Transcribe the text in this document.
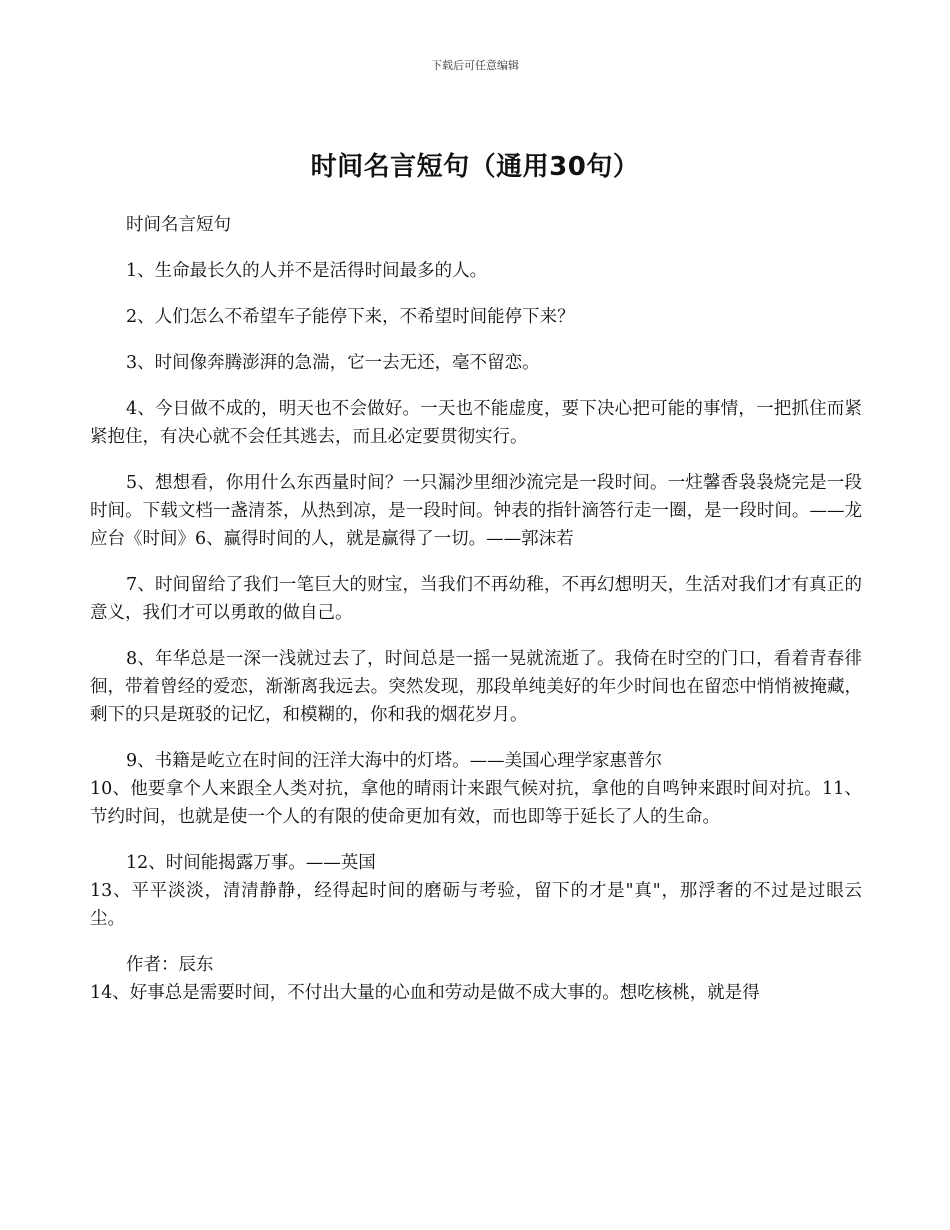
下载后可任意编辑
时间名言短句（通用30句）

时间名言短句

1、生命最长久的人并不是活得时间最多的人。

2、人们怎么不希望车子能停下来，不希望时间能停下来？

3、时间像奔腾澎湃的急湍，它一去无还，毫不留恋。

4、今日做不成的，明天也不会做好。一天也不能虚度，要下决心把可能的事情，一把抓住而紧紧抱住，有决心就不会任其逃去，而且必定要贯彻实行。

5、想想看，你用什么东西量时间？一只漏沙里细沙流完是一段时间。一炷馨香袅袅烧完是一段时间。下载文档一盏清茶，从热到凉，是一段时间。钟表的指针滴答行走一圈，是一段时间。——龙应台《时间》6、赢得时间的人，就是赢得了一切。——郭沫若

7、时间留给了我们一笔巨大的财宝，当我们不再幼稚，不再幻想明天，生活对我们才有真正的意义，我们才可以勇敢的做自己。

8、年华总是一深一浅就过去了，时间总是一摇一晃就流逝了。我倚在时空的门口，看着青春徘徊，带着曾经的爱恋，渐渐离我远去。突然发现，那段单纯美好的年少时间也在留恋中悄悄被掩藏，剩下的只是斑驳的记忆，和模糊的，你和我的烟花岁月。

9、书籍是屹立在时间的汪洋大海中的灯塔。——美国心理学家惠普尔

10、他要拿个人来跟全人类对抗，拿他的晴雨计来跟气候对抗，拿他的自鸣钟来跟时间对抗。11、节约时间，也就是使一个人的有限的使命更加有效，而也即等于延长了人的生命。

12、时间能揭露万事。——英国

13、平平淡淡，清清静静，经得起时间的磨砺与考验，留下的才是"真"，那浮奢的不过是过眼云尘。

作者：辰东

14、好事总是需要时间，不付出大量的心血和劳动是做不成大事的。想吃核桃，就是得
